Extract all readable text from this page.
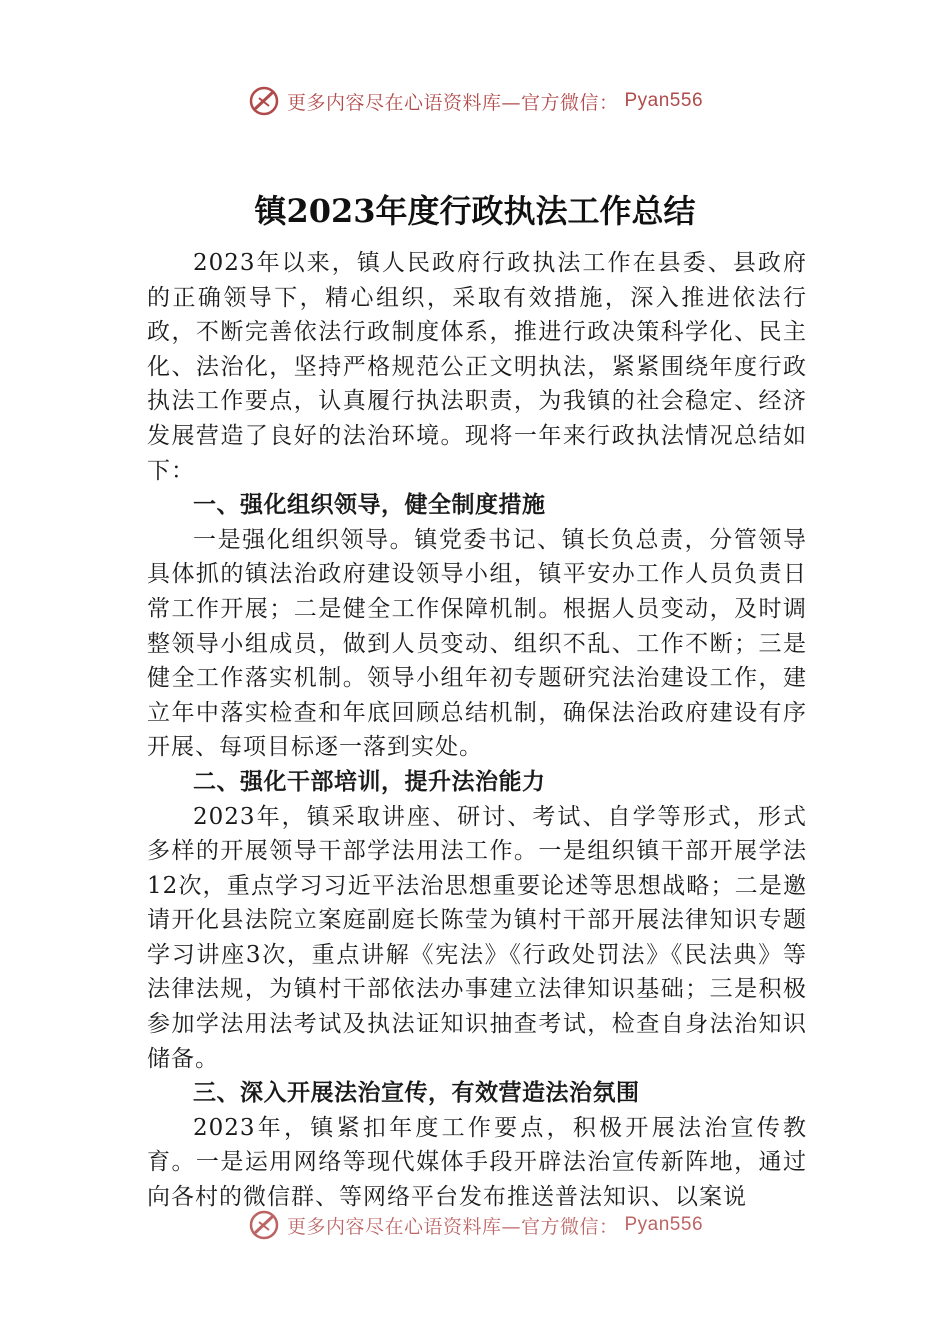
更多内容尽在心语资料库—官方微信： Pyan556
镇2023年度行政执法工作总结

2023年以来，镇人民政府行政执法工作在县委、县政府的正确领导下，精心组织，采取有效措施，深入推进依法行政，不断完善依法行政制度体系，推进行政决策科学化、民主化、法治化，坚持严格规范公正文明执法，紧紧围绕年度行政执法工作要点，认真履行执法职责，为我镇的社会稳定、经济发展营造了良好的法治环境。现将一年来行政执法情况总结如下：

一、强化组织领导，健全制度措施

一是强化组织领导。镇党委书记、镇长负总责，分管领导具体抓的镇法治政府建设领导小组，镇平安办工作人员负责日常工作开展；二是健全工作保障机制。根据人员变动，及时调整领导小组成员，做到人员变动、组织不乱、工作不断；三是健全工作落实机制。领导小组年初专题研究法治建设工作，建立年中落实检查和年底回顾总结机制，确保法治政府建设有序开展、每项目标逐一落到实处。

二、强化干部培训，提升法治能力

2023年，镇采取讲座、研讨、考试、自学等形式，形式多样的开展领导干部学法用法工作。一是组织镇干部开展学法12次，重点学习习近平法治思想重要论述等思想战略；二是邀请开化县法院立案庭副庭长陈莹为镇村干部开展法律知识专题学习讲座3次，重点讲解《宪法》《行政处罚法》《民法典》等法律法规，为镇村干部依法办事建立法律知识基础；三是积极参加学法用法考试及执法证知识抽查考试，检查自身法治知识储备。

三、深入开展法治宣传，有效营造法治氛围

2023年，镇紧扣年度工作要点，积极开展法治宣传教育。一是运用网络等现代媒体手段开辟法治宣传新阵地，通过向各村的微信群、等网络平台发布推送普法知识、以案说

更多内容尽在心语资料库—官方微信： Pyan556
